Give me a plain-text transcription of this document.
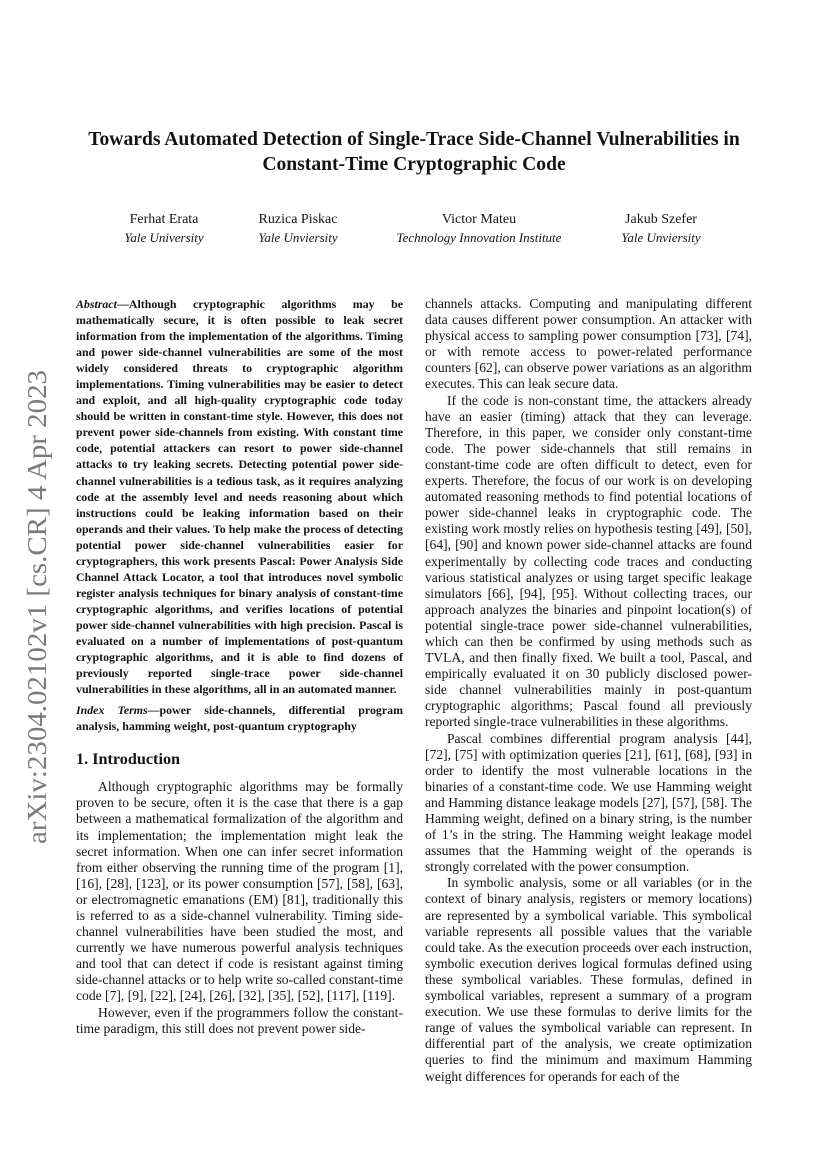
arXiv:2304.02102v1 [cs.CR] 4 Apr 2023
Towards Automated Detection of Single-Trace Side-Channel Vulnerabilities in
Constant-Time Cryptographic Code
Ferhat Erata
Yale University
Ruzica Piskac
Yale Unviersity
Victor Mateu
Technology Innovation Institute
Jakub Szefer
Yale Unviersity

Abstract—Although cryptographic algorithms may be mathematically secure, it is often possible to leak secret information from the implementation of the algorithms. Timing and power side-channel vulnerabilities are some of the most widely considered threats to cryptographic algorithm implementations. Timing vulnerabilities may be easier to detect and exploit, and all high-quality cryptographic code today should be written in constant-time style. However, this does not prevent power side-channels from existing. With constant time code, potential attackers can resort to power side-channel attacks to try leaking secrets. Detecting potential power side-channel vulnerabilities is a tedious task, as it requires analyzing code at the assembly level and needs reasoning about which instructions could be leaking information based on their operands and their values. To help make the process of detecting potential power side-channel vulnerabilities easier for cryptographers, this work presents Pascal: Power Analysis Side Channel Attack Locator, a tool that introduces novel symbolic register analysis techniques for binary analysis of constant-time cryptographic algorithms, and verifies locations of potential power side-channel vulnerabilities with high precision. Pascal is evaluated on a number of implementations of post-quantum cryptographic algorithms, and it is able to find dozens of previously reported single-trace power side-channel vulnerabilities in these algorithms, all in an automated manner.

Index Terms—power side-channels, differential program analysis, hamming weight, post-quantum cryptography

1. Introduction

Although cryptographic algorithms may be formally proven to be secure, often it is the case that there is a gap between a mathematical formalization of the algorithm and its implementation; the implementation might leak the secret information. When one can infer secret information from either observing the running time of the program [1], [16], [28], [123], or its power consumption [57], [58], [63], or electromagnetic emanations (EM) [81], traditionally this is referred to as a side-channel vulnerability. Timing side-channel vulnerabilities have been studied the most, and currently we have numerous powerful analysis techniques and tool that can detect if code is resistant against timing side-channel attacks or to help write so-called constant-time code [7], [9], [22], [24], [26], [32], [35], [52], [117], [119].

However, even if the programmers follow the constant-time paradigm, this still does not prevent power side-

channels attacks. Computing and manipulating different data causes different power consumption. An attacker with physical access to sampling power consumption [73], [74], or with remote access to power-related performance counters [62], can observe power variations as an algorithm executes. This can leak secure data.

If the code is non-constant time, the attackers already have an easier (timing) attack that they can leverage. Therefore, in this paper, we consider only constant-time code. The power side-channels that still remains in constant-time code are often difficult to detect, even for experts. Therefore, the focus of our work is on developing automated reasoning methods to find potential locations of power side-channel leaks in cryptographic code. The existing work mostly relies on hypothesis testing [49], [50], [64], [90] and known power side-channel attacks are found experimentally by collecting code traces and conducting various statistical analyzes or using target specific leakage simulators [66], [94], [95]. Without collecting traces, our approach analyzes the binaries and pinpoint location(s) of potential single-trace power side-channel vulnerabilities, which can then be confirmed by using methods such as TVLA, and then finally fixed. We built a tool, Pascal, and empirically evaluated it on 30 publicly disclosed power-side channel vulnerabilities mainly in post-quantum cryptographic algorithms; Pascal found all previously reported single-trace vulnerabilities in these algorithms.

Pascal combines differential program analysis [44], [72], [75] with optimization queries [21], [61], [68], [93] in order to identify the most vulnerable locations in the binaries of a constant-time code. We use Hamming weight and Hamming distance leakage models [27], [57], [58]. The Hamming weight, defined on a binary string, is the number of 1’s in the string. The Hamming weight leakage model assumes that the Hamming weight of the operands is strongly correlated with the power consumption.

In symbolic analysis, some or all variables (or in the context of binary analysis, registers or memory locations) are represented by a symbolical variable. This symbolical variable represents all possible values that the variable could take. As the execution proceeds over each instruction, symbolic execution derives logical formulas defined using these symbolical variables. These formulas, defined in symbolical variables, represent a summary of a program execution. We use these formulas to derive limits for the range of values the symbolical variable can represent. In differential part of the analysis, we create optimization queries to find the minimum and maximum Hamming weight differences for operands for each of the
